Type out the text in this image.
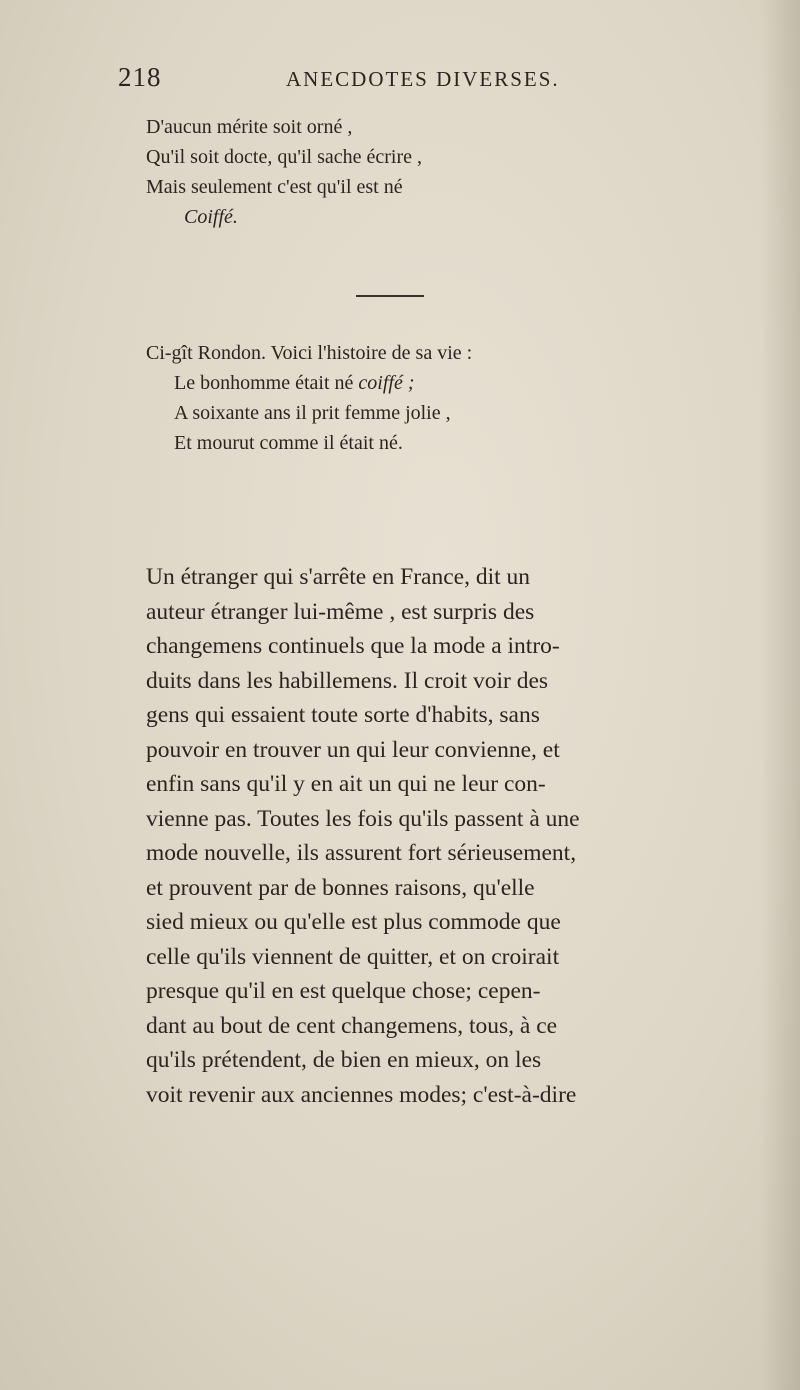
218	ANECDOTES DIVERSES.
D'aucun mérite soit orné ,
Qu'il soit docte, qu'il sache écrire ,
Mais seulement c'est qu'il est né
Coiffé.
Ci-gît Rondon. Voici l'histoire de sa vie :
Le bonhomme était né coiffé ;
A soixante ans il prit femme jolie ,
Et mourut comme il était né.
Un étranger qui s'arrête en France, dit un
auteur étranger lui-même , est surpris des
changemens continuels que la mode a intro-
duits dans les habillemens. Il croit voir des
gens qui essaient toute sorte d'habits, sans
pouvoir en trouver un qui leur convienne, et
enfin sans qu'il y en ait un qui ne leur con-
vienne pas. Toutes les fois qu'ils passent à une
mode nouvelle, ils assurent fort sérieusement,
et prouvent par de bonnes raisons, qu'elle
sied mieux ou qu'elle est plus commode que
celle qu'ils viennent de quitter, et on croirait
presque qu'il en est quelque chose; cepen-
dant au bout de cent changemens, tous, à ce
qu'ils prétendent, de bien en mieux, on les
voit revenir aux anciennes modes; c'est-à-dire
